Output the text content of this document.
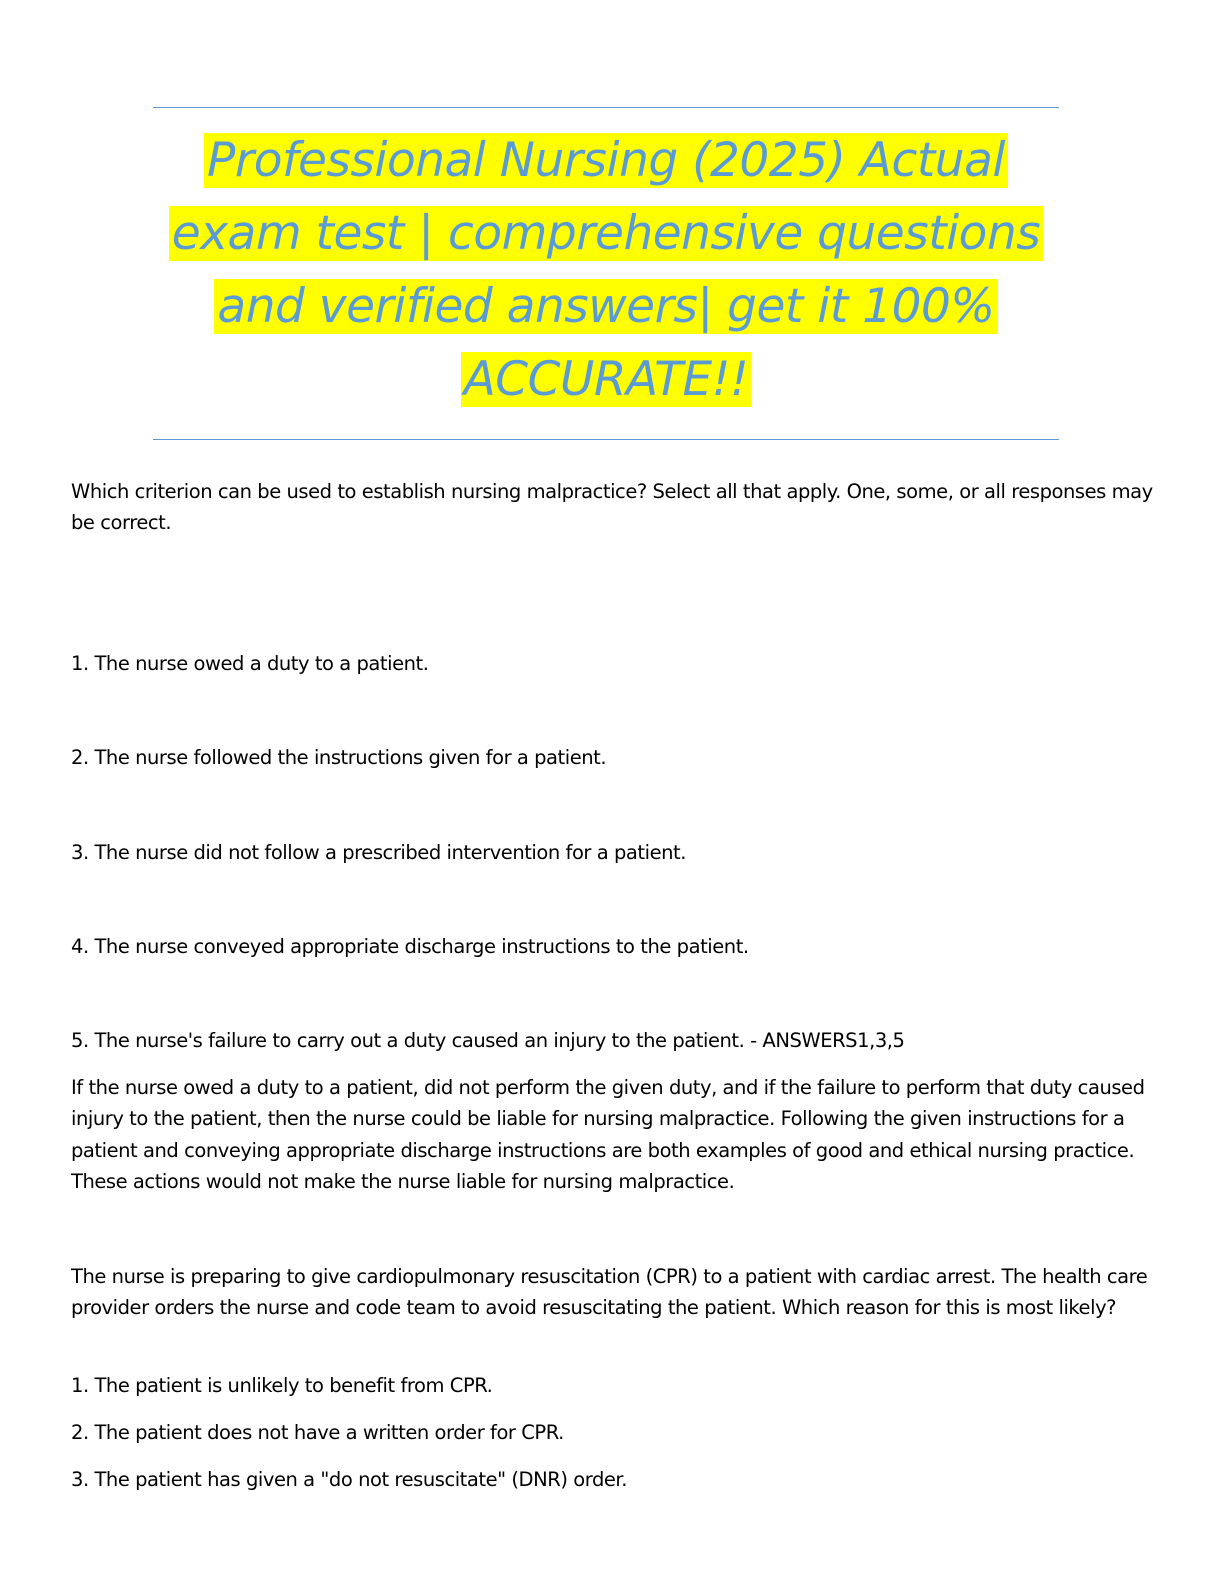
Professional Nursing (2025) Actual
exam test | comprehensive questions
and verified answers| get it 100%
ACCURATE!!

Which criterion can be used to establish nursing malpractice? Select all that apply. One, some, or all responses may be correct.

1. The nurse owed a duty to a patient.

2. The nurse followed the instructions given for a patient.

3. The nurse did not follow a prescribed intervention for a patient.

4. The nurse conveyed appropriate discharge instructions to the patient.

5. The nurse's failure to carry out a duty caused an injury to the patient. - ANSWERS1,3,5

If the nurse owed a duty to a patient, did not perform the given duty, and if the failure to perform that duty caused injury to the patient, then the nurse could be liable for nursing malpractice. Following the given instructions for a patient and conveying appropriate discharge instructions are both examples of good and ethical nursing practice. These actions would not make the nurse liable for nursing malpractice.

The nurse is preparing to give cardiopulmonary resuscitation (CPR) to a patient with cardiac arrest. The health care provider orders the nurse and code team to avoid resuscitating the patient. Which reason for this is most likely?

1. The patient is unlikely to benefit from CPR.

2. The patient does not have a written order for CPR.

3. The patient has given a "do not resuscitate" (DNR) order.
